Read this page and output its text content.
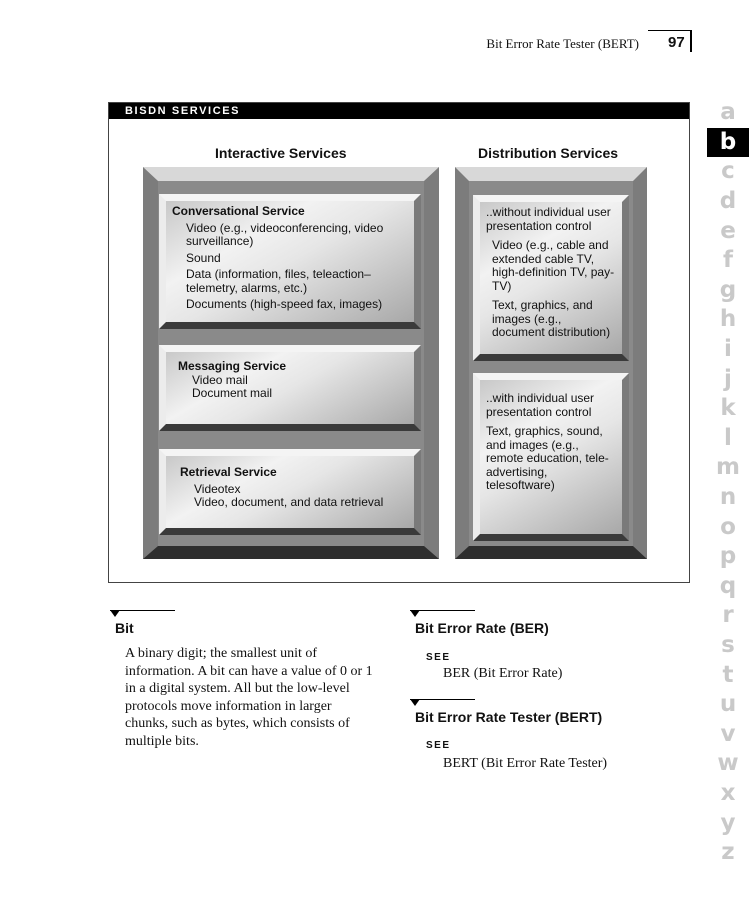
Bit Error Rate Tester (BERT) 97
a
b
c
d
e
f
g
h
i
j
k
l
m
n
o
p
q
r
s
t
u
v
w
x
y
z
BISDN SERVICES
Interactive Services	Distribution Services
Conversational Service
Video (e.g., videoconferencing, video surveillance)
Sound
Data (information, files, teleaction– telemetry, alarms, etc.)
Documents (high-speed fax, images)
Messaging Service
Video mail
Document mail
Retrieval Service
Videotex
Video, document, and data retrieval
..without individual user presentation control
Video (e.g., cable and extended cable TV, high-definition TV, pay-TV)
Text, graphics, and images (e.g., document distribution)
..with individual user presentation control
Text, graphics, sound, and images (e.g., remote education, tele-advertising, telesoftware)
Bit
A binary digit; the smallest unit of information. A bit can have a value of 0 or 1 in a digital system. All but the low-level protocols move information in larger chunks, such as bytes, which consists of multiple bits.
Bit Error Rate (BER)
SEE
BER (Bit Error Rate)
Bit Error Rate Tester (BERT)
SEE
BERT (Bit Error Rate Tester)
